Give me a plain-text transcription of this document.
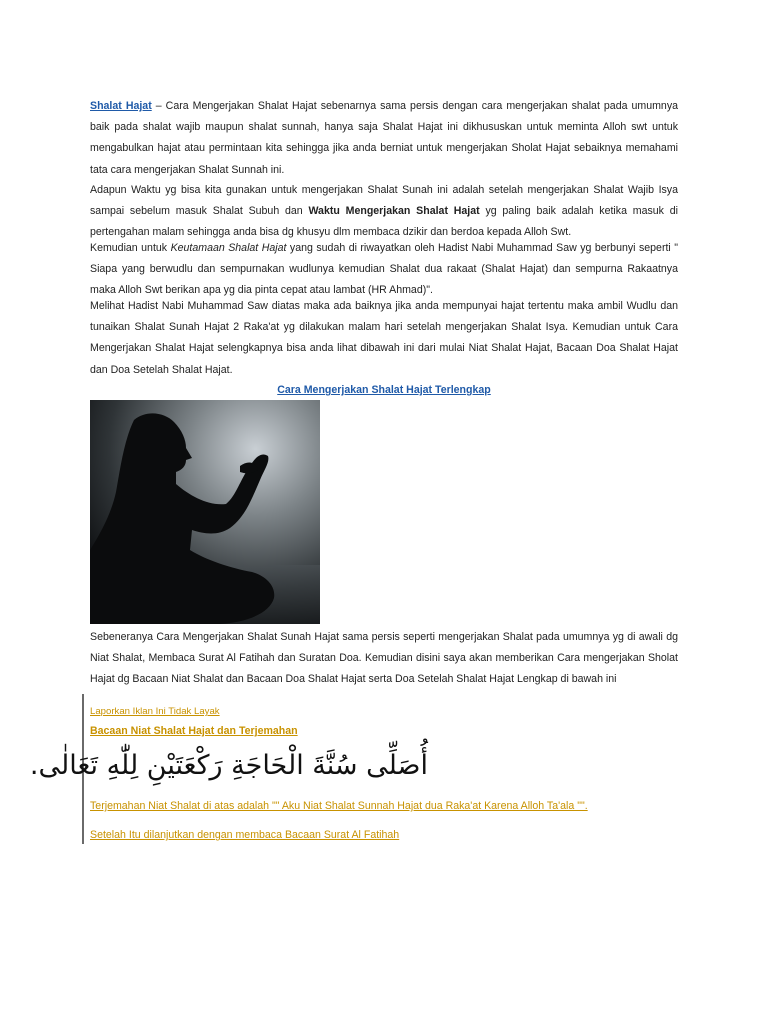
Shalat Hajat – Cara Mengerjakan Shalat Hajat sebenarnya sama persis dengan cara mengerjakan shalat pada umumnya baik pada shalat wajib maupun shalat sunnah, hanya saja Shalat Hajat ini dikhususkan untuk meminta Alloh swt untuk mengabulkan hajat atau permintaan kita sehingga jika anda berniat untuk mengerjakan Sholat Hajat sebaiknya memahami tata cara mengerjakan Shalat Sunnah ini.

Adapun Waktu yg bisa kita gunakan untuk mengerjakan Shalat Sunah ini adalah setelah mengerjakan Shalat Wajib Isya sampai sebelum masuk Shalat Subuh dan Waktu Mengerjakan Shalat Hajat yg paling baik adalah ketika masuk di pertengahan malam sehingga anda bisa dg khusyu dlm membaca dzikir dan berdoa kepada Alloh Swt.

Kemudian untuk Keutamaan Shalat Hajat yang sudah di riwayatkan oleh Hadist Nabi Muhammad Saw yg berbunyi seperti " Siapa yang berwudlu dan sempurnakan wudlunya kemudian Shalat dua rakaat (Shalat Hajat) dan sempurna Rakaatnya maka Alloh Swt berikan apa yg dia pinta cepat atau lambat (HR Ahmad)".

Melihat Hadist Nabi Muhammad Saw diatas maka ada baiknya jika anda mempunyai hajat tertentu maka ambil Wudlu dan tunaikan Shalat Sunah Hajat 2 Raka'at yg dilakukan malam hari setelah mengerjakan Shalat Isya. Kemudian untuk Cara Mengerjakan Shalat Hajat selengkapnya bisa anda lihat dibawah ini dari mulai Niat Shalat Hajat, Bacaan Doa Shalat Hajat dan Doa Setelah Shalat Hajat.

Cara Mengerjakan Shalat Hajat Terlengkap

Sebeneranya Cara Mengerjakan Shalat Sunah Hajat sama persis seperti mengerjakan Shalat pada umumnya yg di awali dg Niat Shalat, Membaca Surat Al Fatihah dan Suratan Doa. Kemudian disini saya akan memberikan Cara mengerjakan Sholat Hajat dg Bacaan Niat Shalat dan Bacaan Doa Shalat Hajat serta Doa Setelah Shalat Hajat Lengkap di bawah ini

Laporkan Iklan Ini Tidak Layak
Bacaan Niat Shalat Hajat dan Terjemahan
أُصَلِّى سُنَّةَ الْحَاجَةِ رَكْعَتَيْنِ لِلّٰهِ تَعَالٰى.
Terjemahan Niat Shalat di atas adalah "" Aku Niat Shalat Sunnah Hajat dua Raka'at Karena Alloh Ta'ala "".
Setelah Itu dilanjutkan dengan membaca Bacaan Surat Al Fatihah
